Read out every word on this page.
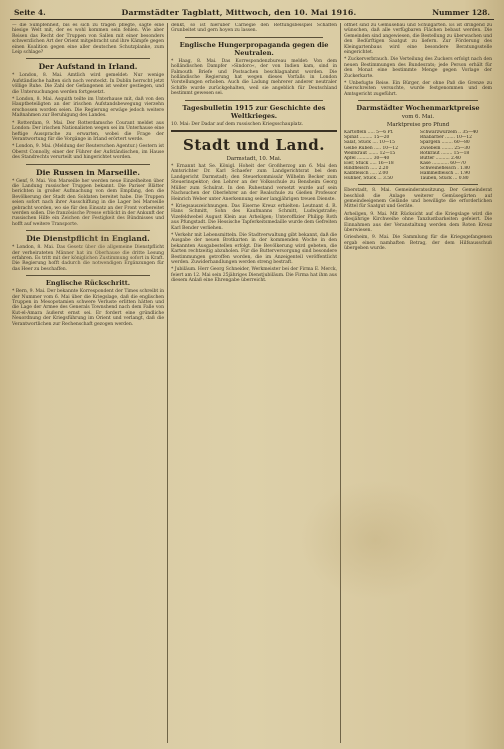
Seite 4.	Darmstädter Tagblatt, Mittwoch, den 10. Mai 1916.	Nummer 128.

— die Sümpfenheit, bis es sich zu tragen pflegte, sagte eine hiesige Welt mit, der es wohl kommen sein fehlen. Wie aber Reisen das Recht der Truppen von Sallen mit einer besonders schwerzlichen Art der Orient mitgebracht und ihre Kämpfe gegen einen Koalition gegen eine aller deutschen Schutzplanke, zum Leip schlage?

Der Aufstand in Irland.

* London, 8. Mai. Amtlich wird gemeldet: Nur wenige Aufständische halten sich noch versteckt. In Dublin herrscht jetzt völlige Ruhe. Die Zahl der Gefangenen ist weiter gestiegen, und die Untersuchungen werden fortgesetzt.

* London, 8. Mai. Asquith teilte im Unterhause mit, daß von den Hauptbeteiligten an der irischen Aufstandsbewegung vierzehn erschossen worden seien. Die Regierung erwäge jedoch weitere Maßnahmen zur Beruhigung des Landes.

* Rotterdam, 9. Mai. Der Rotterdamsche Courant meldet aus London: Der irischen Nationalisten wegen sei im Unterhause eine heftige Aussprache zu erwarten, wobei die Frage der Verantwortung für die Vorgänge in Irland erörtert werde.

* London, 9. Mai. (Meldung der Reuterschen Agentur.) Gestern ist Oberst Connolly, einer der Führer der Aufständischen, im Hause des Standrechts verurteilt und hingerichtet worden.

Die Russen in Marseille.

* Genf, 9. Mai. Von Marseille her werden neue Einzelheiten über die Landung russischer Truppen bekannt. Die Pariser Blätter berichten in großer Aufmachung von dem Empfang, den die Bevölkerung der Stadt den Soldaten bereitet habe. Die Truppen seien sofort nach ihrer Ausschiffung in die Lager bei Marseille gebracht worden, wo sie für den Einsatz an der Front vorbereitet werden sollen. Die französische Presse erblickt in der Ankunft der russischen Hilfe ein Zeichen der Festigkeit des Bündnisses und hofft auf weitere Transporte.

Die Dienstpflicht in England.

* London, 8. Mai. Das Gesetz über die allgemeine Dienstpflicht der verheirateten Männer hat im Oberhause die dritte Lesung erfahren. Es tritt mit der königlichen Zustimmung sofort in Kraft. Die Regierung hofft dadurch die notwendigen Ergänzungen für das Heer zu beschaffen.

Englische Rückschritt.

* Bern, 9. Mai. Der bekannte Korrespondent der Times schreibt in der Nummer vom 6. Mai über die Kriegslage, daß die englischen Truppen in Mesopotamien schwere Verluste erlitten hätten und die Lage der Armee des Generals Townshend nach dem Falle von Kut-el-Amara äußerst ernst sei. Er fordert eine gründliche Neuordnung der Kriegsführung im Orient und verlangt, daß die Verantwortlichen zur Rechenschaft gezogen werden.

denkt, so ist hierüber Carnegie den Rettungsbeispiel Schaffen Grunbeitet und gern hoyen zu lassen.

Englische Hungerpropaganda gegen die Neutralen.

* Haag, 8. Mai. Das Korrespondenzbureau meldet: Von dem holländischen Dampfer »Sindoro«, der von Indien kam, sind in Falmouth Briefe und Postsachen beschlagnahmt worden. Die holländische Regierung hat wegen dieses Vorfalls in London Vorstellungen erhoben. Auch die Ladung mehrerer anderer neutraler Schiffe wurde zurückgehalten, weil sie angeblich für Deutschland bestimmt gewesen sei.

Tagesbulletin 1915 zur Geschichte des Weltkrieges.

10. Mai: Der Dadar auf dem russischen Kriegsschauplatz.

Stadt und Land.
Darmstadt, 10. Mai.

* Ernannt hat Se. Königl. Hoheit der Großherzog am 6. Mai den Amtsrichter Dr. Karl Schaefer zum Landgerichtsrat bei dem Landgericht Darmstadt; den Steuerkommissär Wilhelm Becker zum Steuerinspektor; den Lehrer an der Volksschule zu Bensheim Georg Müller zum Schulrat. In den Ruhestand versetzt wurde auf sein Nachsuchen der Oberlehrer an der Realschule zu Gießen Professor Heinrich Weber unter Anerkennung seiner langjährigen treuen Dienste.

* Kriegsauszeichnungen. Das Eiserne Kreuz erhielten: Leutnant d. R. Hans Schmitt, Sohn des Kaufmanns Schmitt, Ludwigstraße; Vizefeldwebel August Klein aus Arheilgen; Unteroffizier Philipp Roth aus Pfungstadt. Die Hessische Tapferkeitsmedaille wurde dem Gefreiten Karl Bender verliehen.

* Verkehr mit Lebensmitteln. Die Stadtverwaltung gibt bekannt, daß die Ausgabe der neuen Brotkarten in der kommenden Woche in den bekannten Ausgabestellen erfolgt. Die Bevölkerung wird gebeten, die Karten rechtzeitig abzuholen. Für die Butterversorgung sind besondere Bestimmungen getroffen worden, die im Anzeigenteil veröffentlicht werden. Zuwiderhandlungen werden streng bestraft.

* Jubiläum. Herr Georg Schneider, Werkmeister bei der Firma E. Merck, feiert am 12. Mai sein 25jähriges Dienstjubiläum. Die Firma hat ihm aus diesem Anlaß eine Ehrengabe überreicht.

öffnet sind zu Gemüsebau und Schulgärten. Es ist dringend zu wünschen, daß alle verfügbaren Flächen bebaut werden. Die Gemeinden sind angewiesen, die Bestellung zu überwachen und den Bedürftigen Saatgut zu liefern. Zur Förderung des Kleingartenbaus wird eine besondere Beratungsstelle eingerichtet.

* Zuckerverbrauch. Die Verteilung des Zuckers erfolgt nach den neuen Bestimmungen des Bundesrats; jede Person erhält für den Monat eine bestimmte Menge gegen Vorlage der Zuckerkarte.

* Unbefugte Reise. Ein Bürger, der ohne Paß die Grenze zu überschreiten versuchte, wurde festgenommen und dem Amtsgericht zugeführt.

Darmstädter Wochenmarktpreise
vom 6. Mai.
Marktpreise pro Pfund
Kartoffeln ..... 5—6 Pf.	Schwarzwurzeln .. 35—40
Spinat ......... 15—20	Rhabarber ....... 10—12
Salat, Stück .... 10—15	Spargeln ........ 60—80
Gelbe Rüben ..... 10—12	Zwiebeln ........ 25—30
Weißkraut ....... 12—15	Rotkraut ........ 15—18
Äpfel ........... 30—40	Butter .......... 2.40
Eier, Stück ..... 16—18	Käse ............ 60—70
Rindfleisch ..... 2.20	Schweinefleisch . 1.80
Kalbfleisch ..... 2.00	Hammelfleisch ... 1.90
Hühner, Stück ... 3.50	Tauben, Stück ... 0.80

Eberstadt, 8. Mai. Gemeinderatssitzung. Der Gemeinderat beschloß die Anlage weiterer Gemüsegärten auf gemeindeeigenem Gelände und bewilligte die erforderlichen Mittel für Saatgut und Geräte.

Arheilgen, 9. Mai. Mit Rücksicht auf die Kriegslage wird die diesjährige Kirchweihe ohne Tanzlustbarkeiten gefeiert. Die Einnahmen aus der Veranstaltung werden dem Roten Kreuz überwiesen.

Griesheim, 9. Mai. Die Sammlung für die Kriegsgefangenen ergab einen namhaften Betrag, der dem Hilfsausschuß übergeben wurde.
